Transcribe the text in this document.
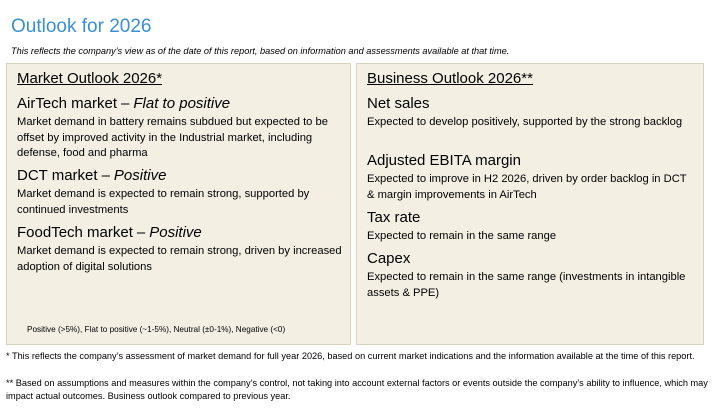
Outlook for 2026
This reflects the company’s view as of the date of this report, based on information and assessments available at that time.
Market Outlook 2026*
AirTech market – Flat to positive
Market demand in battery remains subdued but expected to be offset by improved activity in the Industrial market, including defense, food and pharma
DCT market – Positive
Market demand is expected to remain strong, supported by continued investments
FoodTech market – Positive
Market demand is expected to remain strong, driven by increased adoption of digital solutions
Positive (>5%), Flat to positive (~1-5%), Neutral (±0-1%), Negative (<0)
Business Outlook 2026**
Net sales
Expected to develop positively, supported by the strong backlog
Adjusted EBITA margin
Expected to improve in H2 2026, driven by order backlog in DCT & margin improvements in AirTech
Tax rate
Expected to remain in the same range
Capex
Expected to remain in the same range (investments in intangible assets & PPE)
* This reflects the company’s assessment of market demand for full year 2026, based on current market indications and the information available at the time of this report.
** Based on assumptions and measures within the company’s control, not taking into account external factors or events outside the company’s ability to influence, which may impact actual outcomes. Business outlook compared to previous year.
